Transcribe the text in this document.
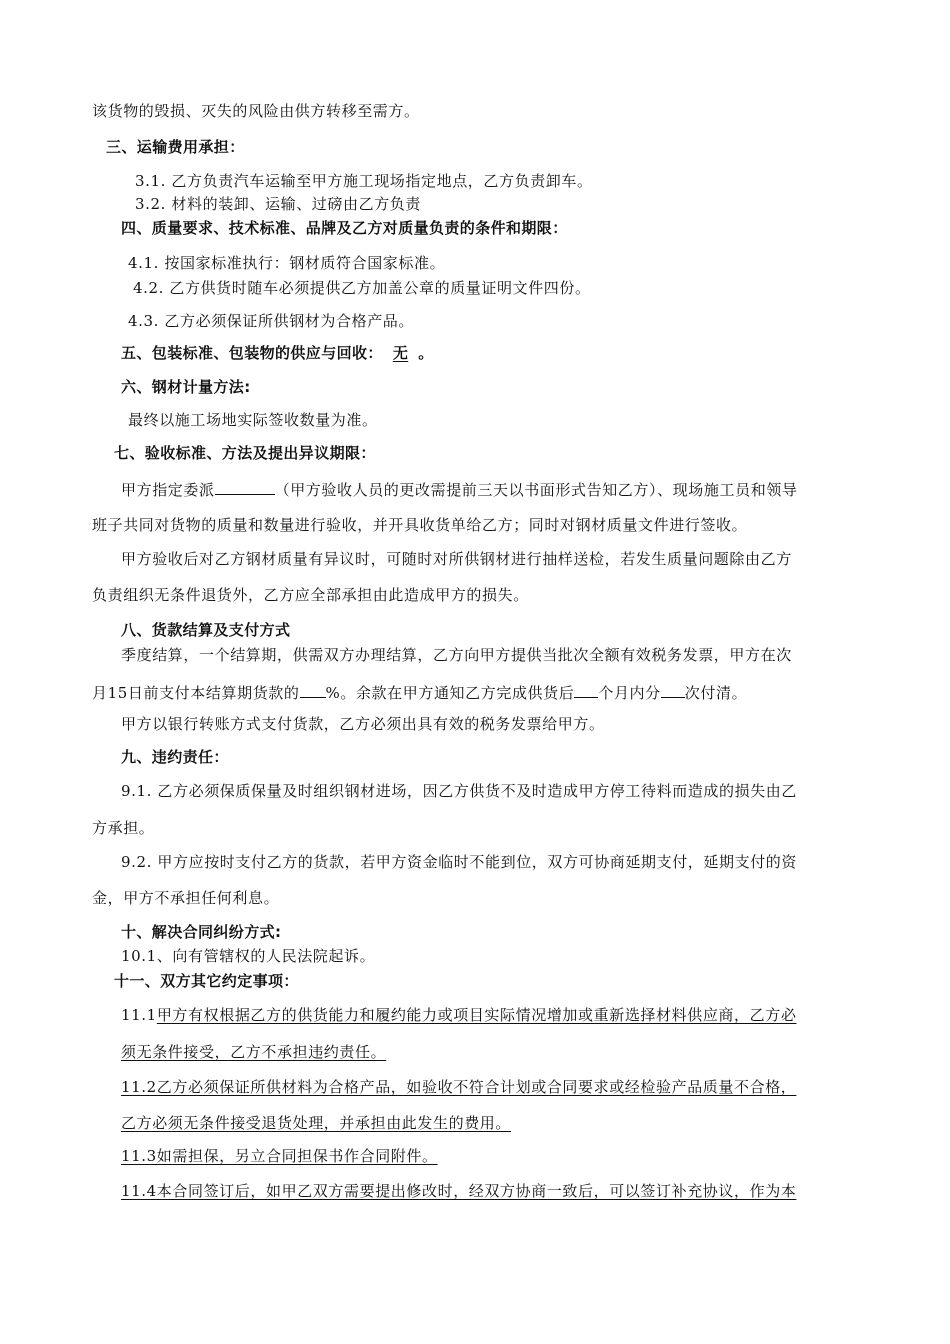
该货物的毁损、灭失的风险由供方转移至需方。
三、运输费用承担：
3.1. 乙方负责汽车运输至甲方施工现场指定地点，乙方负责卸车。
3.2. 材料的装卸、运输、过磅由乙方负责
四、质量要求、技术标准、品牌及乙方对质量负责的条件和期限：
4.1. 按国家标准执行：钢材质符合国家标准。
4.2. 乙方供货时随车必须提供乙方加盖公章的质量证明文件四份。
4.3. 乙方必须保证所供钢材为合格产品。
五、包装标准、包装物的供应与回收： 无 。
六、钢材计量方法:
最终以施工场地实际签收数量为准。
七、验收标准、方法及提出异议期限：
甲方指定委派	（甲方验收人员的更改需提前三天以书面形式告知乙方）、现场施工员和领导
班子共同对货物的质量和数量进行验收，并开具收货单给乙方；同时对钢材质量文件进行签收。
甲方验收后对乙方钢材质量有异议时，可随时对所供钢材进行抽样送检，若发生质量问题除由乙方
负责组织无条件退货外，乙方应全部承担由此造成甲方的损失。
八、货款结算及支付方式
季度结算，一个结算期，供需双方办理结算，乙方向甲方提供当批次全额有效税务发票，甲方在次
月15日前支付本结算期货款的 %。余款在甲方通知乙方完成供货后 个月内分 次付清。
甲方以银行转账方式支付货款，乙方必须出具有效的税务发票给甲方。
九、违约责任：
9.1. 乙方必须保质保量及时组织钢材进场，因乙方供货不及时造成甲方停工待料而造成的损失由乙
方承担。
9.2. 甲方应按时支付乙方的货款，若甲方资金临时不能到位，双方可协商延期支付，延期支付的资
金，甲方不承担任何利息。
十、解决合同纠纷方式:
10.1、向有管辖权的人民法院起诉。
十一、双方其它约定事项：
11.1甲方有权根据乙方的供货能力和履约能力或项目实际情况增加或重新选择材料供应商，乙方必
须无条件接受，乙方不承担违约责任。
11.2乙方必须保证所供材料为合格产品，如验收不符合计划或合同要求或经检验产品质量不合格，
乙方必须无条件接受退货处理，并承担由此发生的费用。
11.3如需担保，另立合同担保书作合同附件。
11.4本合同签订后，如甲乙双方需要提出修改时，经双方协商一致后，可以签订补充协议，作为本
